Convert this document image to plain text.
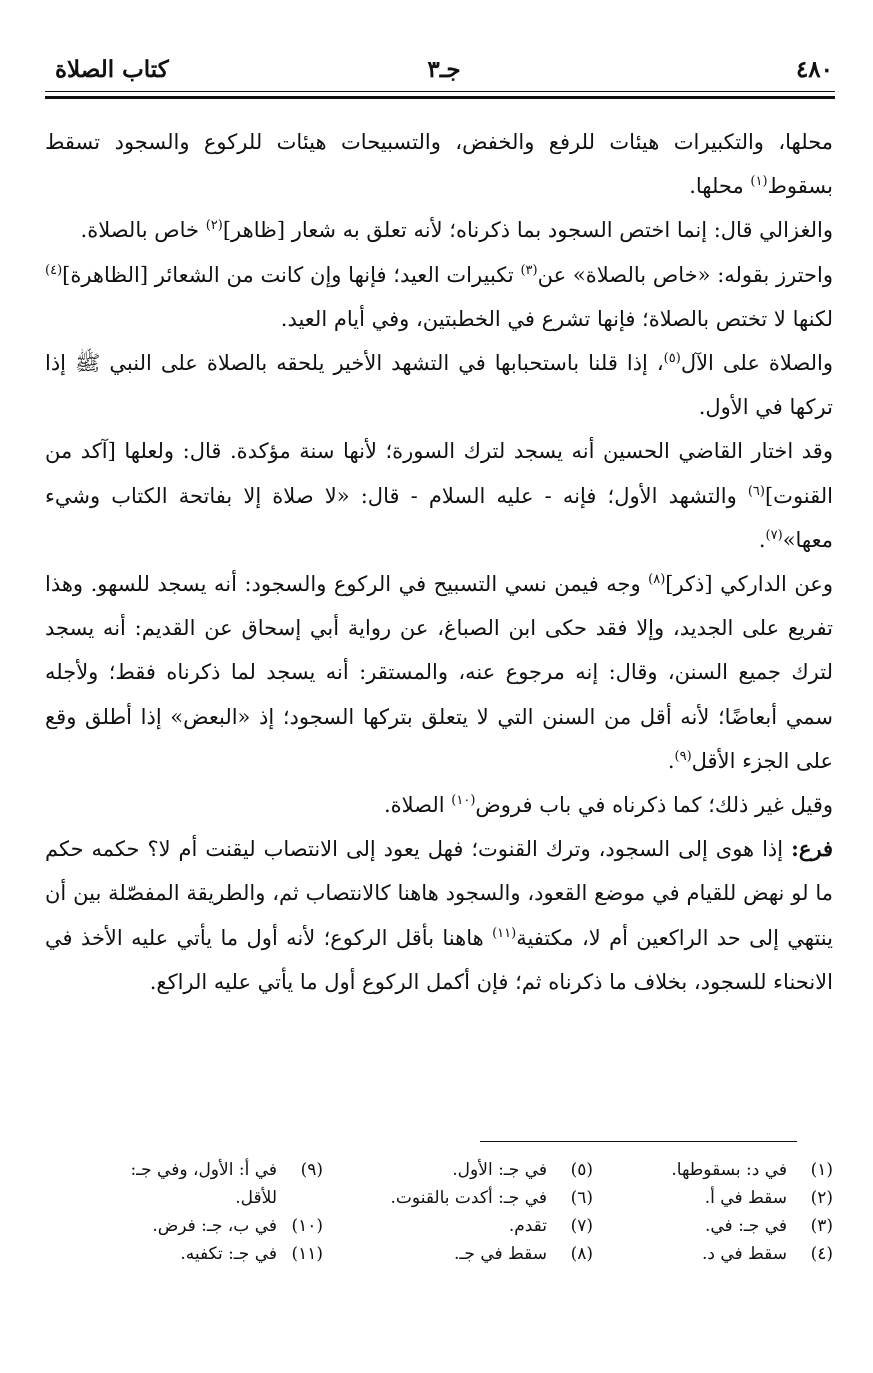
٤٨٠
جـ٣
كتاب الصلاة

محلها، والتكبيرات هيئات للرفع والخفض، والتسبيحات هيئات للركوع والسجود تسقط بسقوط$^{(١)}$ محلها.

والغزالي قال: إنما اختص السجود بما ذكرناه؛ لأنه تعلق به شعار [ظاهر]$^{(٢)}$ خاص بالصلاة.

واحترز بقوله: «خاص بالصلاة» عن$^{(٣)}$ تكبيرات العيد؛ فإنها وإن كانت من الشعائر [الظاهرة]$^{(٤)}$ لكنها لا تختص بالصلاة؛ فإنها تشرع في الخطبتين، وفي أيام العيد.

والصلاة على الآل$^{(٥)}$، إذا قلنا باستحبابها في التشهد الأخير يلحقه بالصلاة على النبي ﷺ إذا تركها في الأول.

وقد اختار القاضي الحسين أنه يسجد لترك السورة؛ لأنها سنة مؤكدة. قال: ولعلها [آكد من القنوت]$^{(٦)}$ والتشهد الأول؛ فإنه - عليه السلام - قال: «لا صلاة إلا بفاتحة الكتاب وشيء معها»$^{(٧)}$.

وعن الداركي [ذكر]$^{(٨)}$ وجه فيمن نسي التسبيح في الركوع والسجود: أنه يسجد للسهو. وهذا تفريع على الجديد، وإلا فقد حكى ابن الصباغ، عن رواية أبي إسحاق عن القديم: أنه يسجد لترك جميع السنن، وقال: إنه مرجوع عنه، والمستقر: أنه يسجد لما ذكرناه فقط؛ ولأجله سمي أبعاضًا؛ لأنه أقل من السنن التي لا يتعلق بتركها السجود؛ إذ «البعض» إذا أطلق وقع على الجزء الأقل$^{(٩)}$.

وقيل غير ذلك؛ كما ذكرناه في باب فروض$^{(١٠)}$ الصلاة.

فرع: إذا هوى إلى السجود، وترك القنوت؛ فهل يعود إلى الانتصاب ليقنت أم لا؟ حكمه حكم ما لو نهض للقيام في موضع القعود، والسجود هاهنا كالانتصاب ثم، والطريقة المفصّلة بين أن ينتهي إلى حد الراكعين أم لا، مكتفية$^{(١١)}$ هاهنا بأقل الركوع؛ لأنه أول ما يأتي عليه الأخذ في الانحناء للسجود، بخلاف ما ذكرناه ثم؛ فإن أكمل الركوع أول ما يأتي عليه الراكع.

(١)
في د: بسقوطها.
(٢)
سقط في أ.
(٣)
في جـ: في.
(٤)
سقط في د.
(٥)
في جـ: الأول.
(٦)
في جـ: أكدت بالقنوت.
(٧)
تقدم.
(٨)
سقط في جـ.
(٩)
في أ: الأول، وفي جـ:
للأقل.
(١٠)
في ب، جـ: فرض.
(١١)
في جـ: تكفيه.
